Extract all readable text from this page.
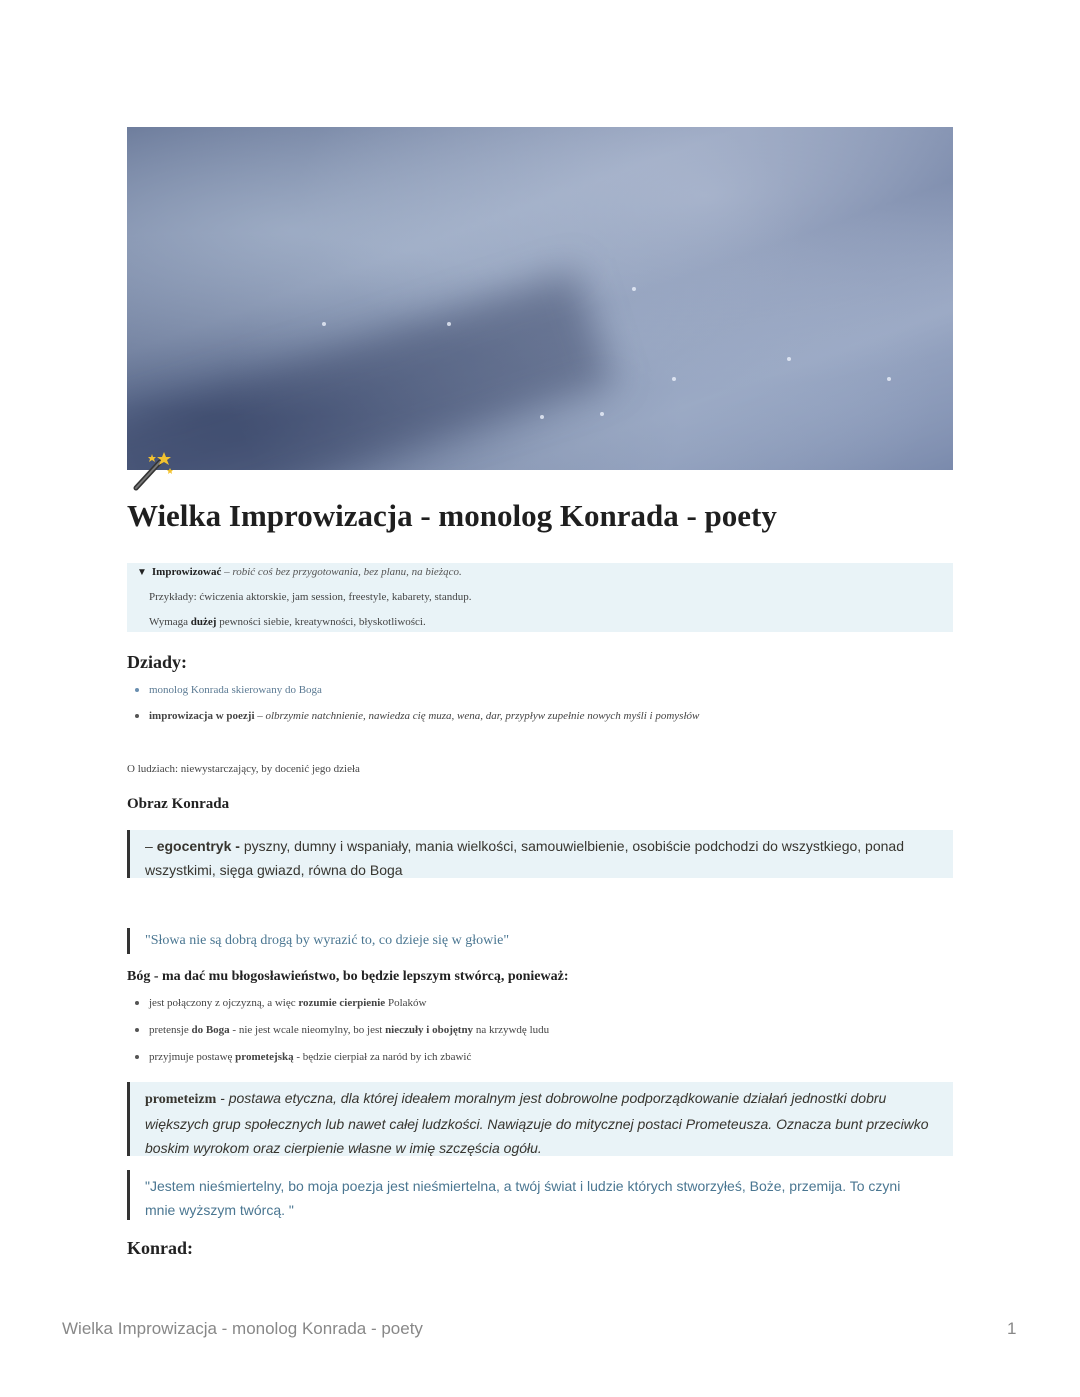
Wielka Improwizacja - monolog Konrada - poety
▼ Improwizować – robić coś bez przygotowania, bez planu, na bieżąco.
Przykłady: ćwiczenia aktorskie, jam session, freestyle, kabarety, standup.
Wymaga dużej pewności siebie, kreatywności, błyskotliwości.
Dziady:
monolog Konrada skierowany do Boga
improwizacja w poezji – olbrzymie natchnienie, nawiedza cię muza, wena, dar, przypływ zupełnie nowych myśli i pomysłów
O ludziach: niewystarczający, by docenić jego dzieła
Obraz Konrada
– egocentryk - pyszny, dumny i wspaniały, mania wielkości, samouwielbienie, osobiście podchodzi do wszystkiego, ponad
wszystkimi, sięga gwiazd, równa do Boga
"Słowa nie są dobrą drogą by wyrazić to, co dzieje się w głowie"
Bóg - ma dać mu błogosławieństwo, bo będzie lepszym stwórcą, ponieważ:
jest połączony z ojczyzną, a więc rozumie cierpienie Polaków
pretensje do Boga - nie jest wcale nieomylny, bo jest nieczuły i obojętny na krzywdę ludu
przyjmuje postawę prometejską - będzie cierpiał za naród by ich zbawić
prometeizm - postawa etyczna, dla której ideałem moralnym jest dobrowolne podporządkowanie działań jednostki dobru
większych grup społecznych lub nawet całej ludzkości. Nawiązuje do mitycznej postaci Prometeusza. Oznacza bunt przeciwko
boskim wyrokom oraz cierpienie własne w imię szczęścia ogółu.
"Jestem nieśmiertelny, bo moja poezja jest nieśmiertelna, a twój świat i ludzie których stworzyłeś, Boże, przemija. To czyni
mnie wyższym twórcą. "
Konrad:
Wielka Improwizacja - monolog Konrada - poety	1
